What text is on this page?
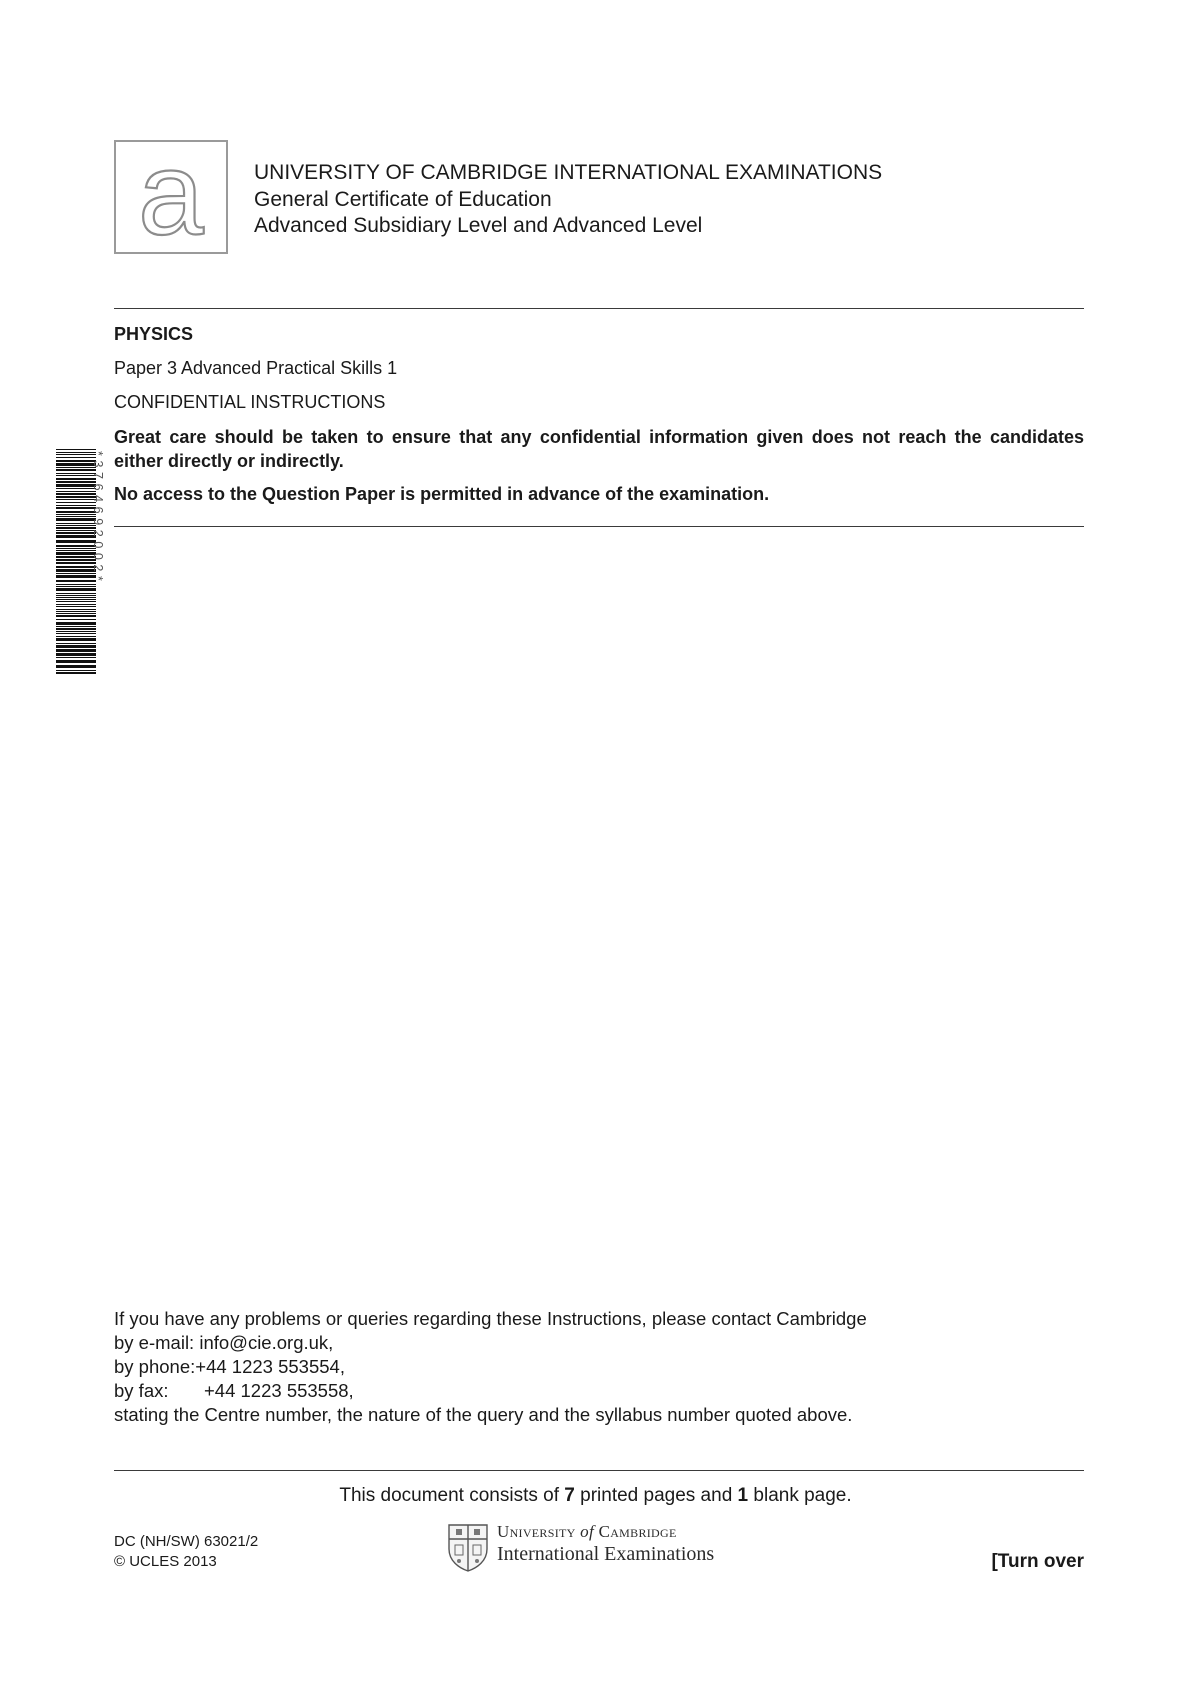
a UNIVERSITY OF CAMBRIDGE INTERNATIONAL EXAMINATIONS
General Certificate of Education
Advanced Subsidiary Level and Advanced Level
PHYSICS
Paper 3 Advanced Practical Skills 1
CONFIDENTIAL INSTRUCTIONS
Great care should be taken to ensure that any confidential information given does not reach the candidates either directly or indirectly.
No access to the Question Paper is permitted in advance of the examination.
*3764692002*
If you have any problems or queries regarding these Instructions, please contact Cambridge
by e-mail: info@cie.org.uk,
by phone:+44 1223 553554,
by fax: +44 1223 553558,
stating the Centre number, the nature of the query and the syllabus number quoted above.
This document consists of 7 printed pages and 1 blank page.
DC (NH/SW) 63021/2
© UCLES 2013
University of Cambridge
International Examinations	[Turn over
